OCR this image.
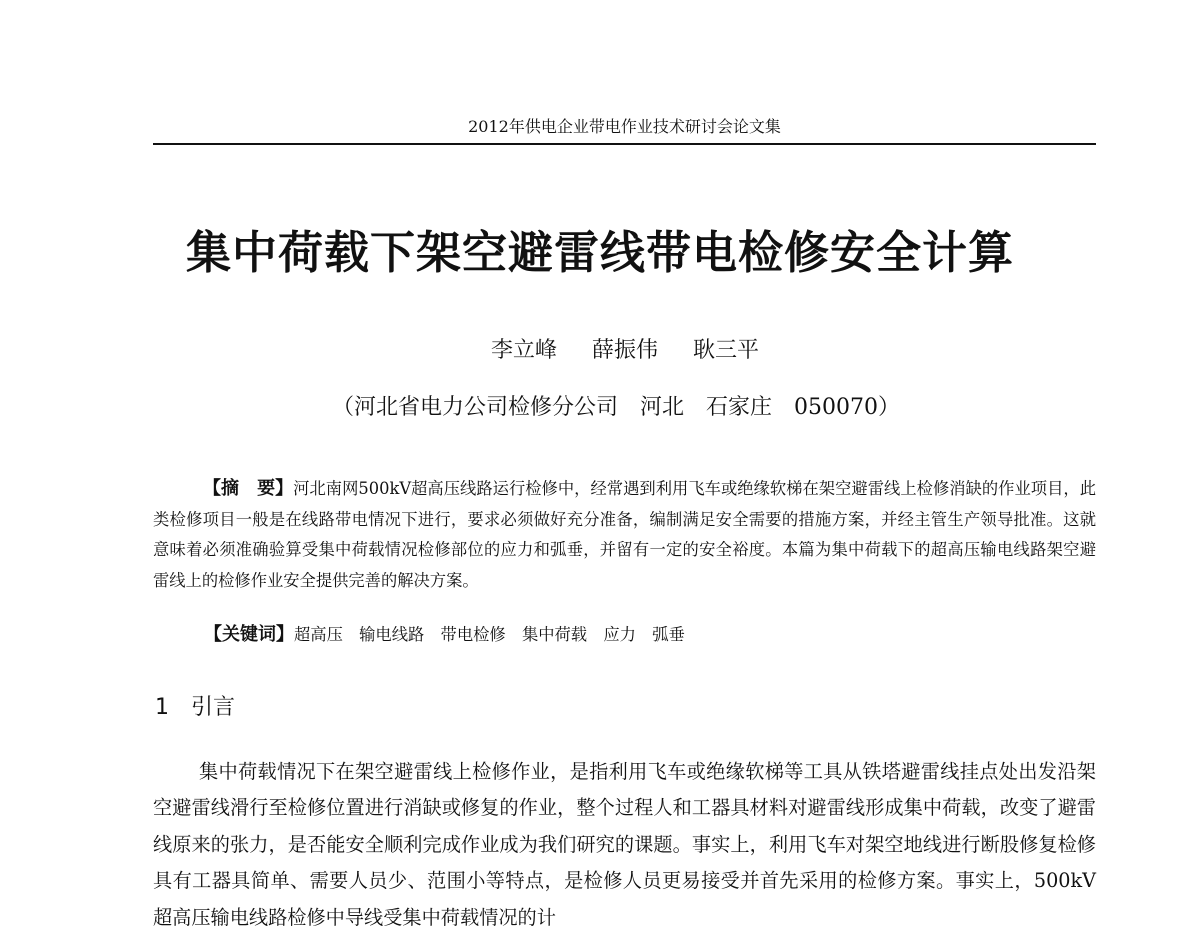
2012年供电企业带电作业技术研讨会论文集
集中荷载下架空避雷线带电检修安全计算
李立峰 薛振伟 耿三平
（河北省电力公司检修分公司　河北　石家庄　050070）

【摘　要】河北南网500kV超高压线路运行检修中，经常遇到利用飞车或绝缘软梯在架空避雷线上检修消缺的作业项目，此类检修项目一般是在线路带电情况下进行，要求必须做好充分准备，编制满足安全需要的措施方案，并经主管生产领导批准。这就意味着必须准确验算受集中荷载情况检修部位的应力和弧垂，并留有一定的安全裕度。本篇为集中荷载下的超高压输电线路架空避雷线上的检修作业安全提供完善的解决方案。

【关键词】超高压　输电线路　带电检修　集中荷载　应力　弧垂
1 引言

集中荷载情况下在架空避雷线上检修作业，是指利用飞车或绝缘软梯等工具从铁塔避雷线挂点处出发沿架空避雷线滑行至检修位置进行消缺或修复的作业，整个过程人和工器具材料对避雷线形成集中荷载，改变了避雷线原来的张力，是否能安全顺利完成作业成为我们研究的课题。事实上，利用飞车对架空地线进行断股修复检修具有工器具简单、需要人员少、范围小等特点，是检修人员更易接受并首先采用的检修方案。事实上，500kV超高压输电线路检修中导线受集中荷载情况的计
